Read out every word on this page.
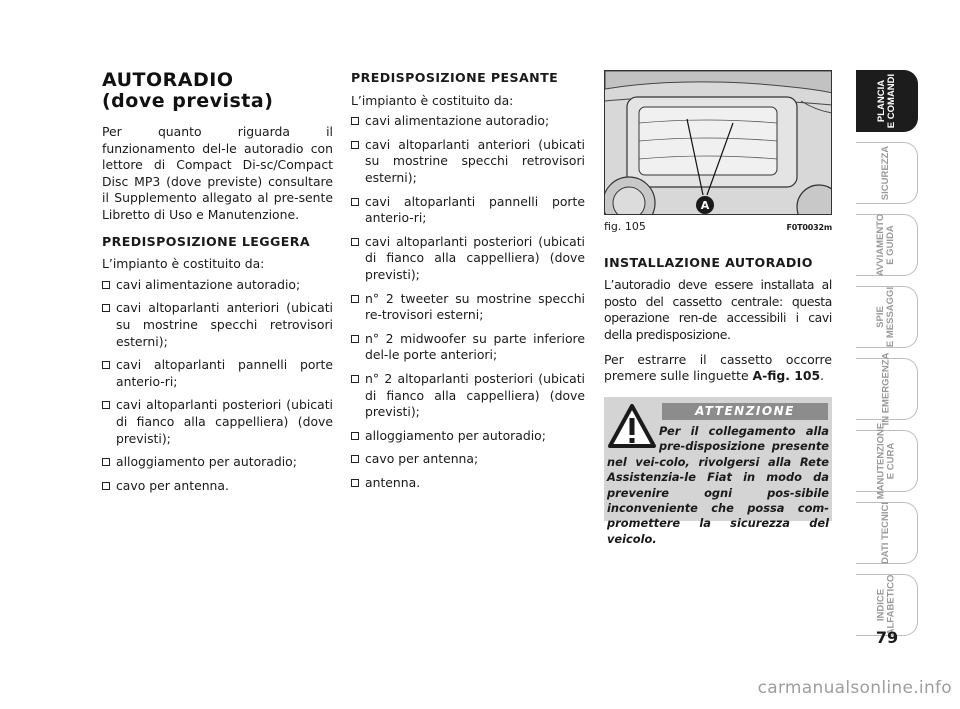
AUTORADIO
(dove prevista)

Per quanto riguarda il funzionamento del-le autoradio con lettore di Compact Di-sc/Compact Disc MP3 (dove previste) consultare il Supplemento allegato al pre-sente Libretto di Uso e Manutenzione.

PREDISPOSIZIONE LEGGERA

L’impianto è costituito da:

cavi alimentazione autoradio;
cavi altoparlanti anteriori (ubicati su mostrine specchi retrovisori esterni);
cavi altoparlanti pannelli porte anterio-ri;
cavi altoparlanti posteriori (ubicati di fianco alla cappelliera) (dove previsti);
alloggiamento per autoradio;
cavo per antenna.
PREDISPOSIZIONE PESANTE

L’impianto è costituito da:

cavi alimentazione autoradio;
cavi altoparlanti anteriori (ubicati su mostrine specchi retrovisori esterni);
cavi altoparlanti pannelli porte anterio-ri;
cavi altoparlanti posteriori (ubicati di fianco alla cappelliera) (dove previsti);
n° 2 tweeter su mostrine specchi re-trovisori esterni;
n° 2 midwoofer su parte inferiore del-le porte anteriori;
n° 2 altoparlanti posteriori (ubicati di fianco alla cappelliera) (dove previsti);
alloggiamento per autoradio;
cavo per antenna;
antenna.
A
fig. 105	F0T0032m
INSTALLAZIONE AUTORADIO

L’autoradio deve essere installata al posto del cassetto centrale: questa operazione ren-de accessibili i cavi della predisposizione.

Per estrarre il cassetto occorre premere sulle linguette A-fig. 105.

ATTENZIONE
Per il collegamento alla pre-disposizione presente nel vei-colo, rivolgersi alla Rete Assistenzia-le Fiat in modo da prevenire ogni pos-sibile inconveniente che possa com-promettere la sicurezza del veicolo.
PLANCIA
E COMANDI
SICUREZZA
AVVIAMENTO
E GUIDA
SPIE
E MESSAGGI
IN EMERGENZA
MANUTENZIONE
E CURA
DATI TECNICI
INDICE
ALFABETICO
79
carmanualsonline.info
